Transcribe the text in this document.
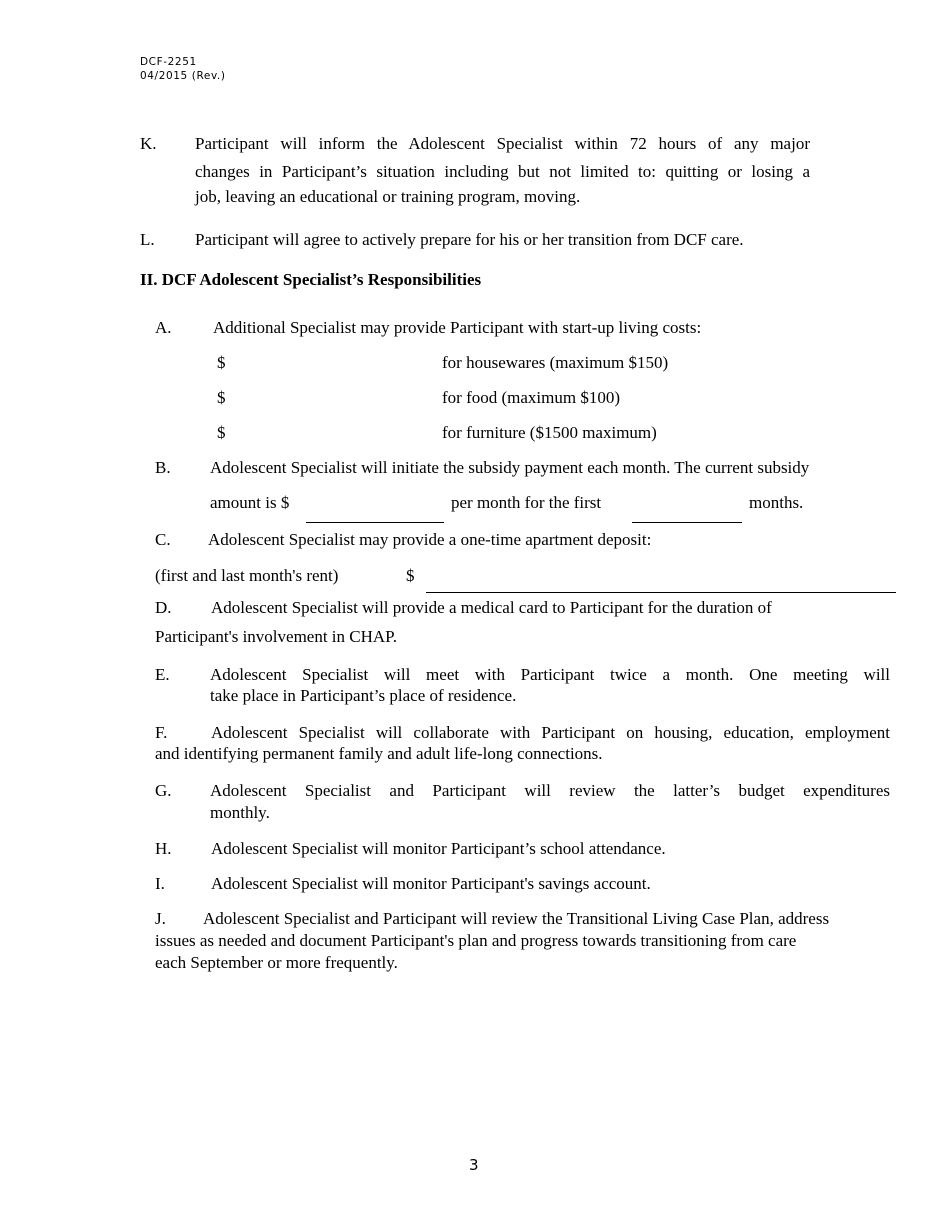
DCF-2251
04/2015 (Rev.)
K. Participant will inform the Adolescent Specialist within 72 hours of any major
changes in Participant’s situation including but not limited to: quitting or losing a
job, leaving an educational or training program, moving.
L. Participant will agree to actively prepare for his or her transition from DCF care.
II. DCF Adolescent Specialist’s Responsibilities
A. Additional Specialist may provide Participant with start-up living costs:
$	for housewares (maximum $150)
$	for food (maximum $100)
$	for furniture ($1500 maximum)
B. Adolescent Specialist will initiate the subsidy payment each month. The current subsidy
amount is $	per month for the first	months.
C. Adolescent Specialist may provide a one-time apartment deposit:
(first and last month's rent)	$
D. Adolescent Specialist will provide a medical card to Participant for the duration of
Participant's involvement in CHAP.
E. Adolescent Specialist will meet with Participant twice a month. One meeting will
take place in Participant’s place of residence.
F.	Adolescent Specialist will collaborate with Participant on housing, education, employment
and identifying permanent family and adult life-long connections.
G. Adolescent Specialist and Participant will review the latter’s budget expenditures
monthly.
H. Adolescent Specialist will monitor Participant’s school attendance.
I.	Adolescent Specialist will monitor Participant's savings account.
J. Adolescent Specialist and Participant will review the Transitional Living Case Plan, address
issues as needed and document Participant's plan and progress towards transitioning from care
each September or more frequently.
3
